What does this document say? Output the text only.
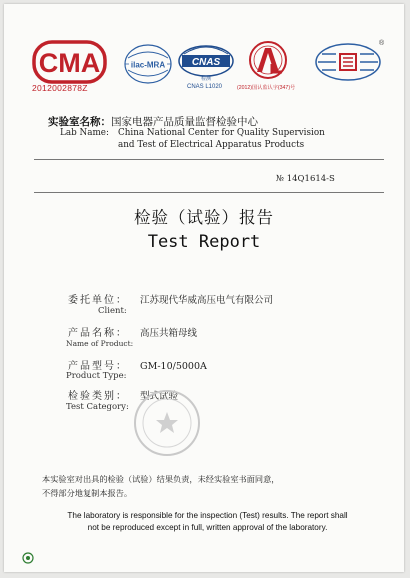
CMA
2012002878Z
ilac-MRA	CNAS
检测
CNAS L1020	(2012)国认监认字(347)号
®
实验室名称：国家电器产品质量监督检验中心
Lab Name: China National Center for Quality Supervision
and Test of Electrical Apparatus Products
№ 14Q1614-S
检验（试验）报告
Test Report
委托单位： 江苏现代华威高压电气有限公司
Client:
产品名称： 高压共箱母线
Name of Product:
产品型号： GM-10/5000A
Product Type:
检验类别： 型式试验
Test Category:
本实验室对出具的检验（试验）结果负责，未经实验室书面同意，
不得部分地复制本报告。
The laboratory is responsible for the inspection (Test) results. The report shall
not be reproduced except in full, written approval of the laboratory.
